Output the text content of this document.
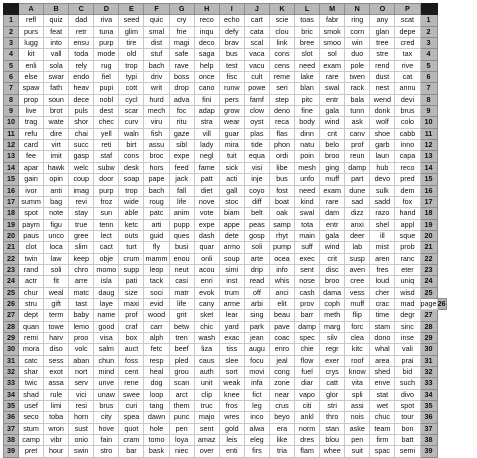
	A	B	C	D	E	F	G	H	I	J	K	L	M	N	O	P		
1	refl	quiz	dad	riva	seed	quic	cry	reco	echo	cart	scie	toas	fabr	ring	any	scat	1	
2	purs	feat	retr	tuna	glim	smal	frie	inqu	defy	cata	clou	bric	smok	corn	glan	depe	2	
3	lugg	into	ensu	purp	tire	dist	magi	deco	brav	scal	link	bree	smoo	win	tree	cred	3	
4	kit	vall	toda	mode	old	stuf	safe	saga	bus	vaca	cons	slot	sol	duo	stre	tax	4	
5	enli	sola	rely	rug	trop	bach	rave	help	test	vacu	cens	need	exam	pole	rend	rive	5	
6	else	swar	endo	fiel	typi	driv	boss	once	fisc	cult	reme	lake	rare	twen	dust	cat	6	
7	spaw	fath	heav	pupi	cott	writ	drop	cano	runw	powe	seri	blan	swal	rack	nest	annu	7	
8	prop	soun	dece	nobl	cycl	hurd	adva	fini	pers	famf	step	pitc	entr	bala	wend	devi	8	
9	live	brot	puls	dest	scar	mech	foc	adap	grow	clow	deno	fine	gala	tunn	donk	brus	9	
10	trag	wate	shor	chec	curv	viru	ritu	stra	wear	oyst	reca	body	wind	ask	wolf	colo	10	
11	refu	dire	chai	yell	waln	fish	gaze	vill	guar	plas	flas	dinn	crit	canv	shoe	cabb	11	
12	card	virt	succ	reti	birt	assu	sibl	lady	mira	tide	phon	natu	belo	prof	garb	inno	12	
13	fee	imit	gasp	staf	cons	broc	expe	negl	tuit	equa	ordi	poin	broo	reun	laun	capa	13	
14	apar	hawk	welc	subw	desk	hors	feed	fame	sick	visi	libe	mesh	ging	damp	hub	reco	14	
15	gain	opin	coup	door	soap	pape	jack	patt	acti	inje	bus	unfo	muff	part	devo	pred	15	
16	ivor	anti	imag	purp	trop	bach	fall	diet	gall	coyo	fost	need	exam	dune	sulk	dem	16	
17	summ	bag	revi	froz	wide	roug	life	nove	stoc	diff	boat	kind	rare	sad	sadd	fox	17	
18	spot	note	stay	sun	able	patc	anim	vote	biam	belt	oak	swal	dam	dizz	razo	hand	18	
19	paym	figu	true	tenn	ketc	arti	pupp	expe	appe	peas	samp	tota	entr	anxi	shel	appl	19	
20	paus	unco	gree	lect	outs	guid	ques	dash	dete	gosp	rhyt	main	gala	deer	ill	sque	20	
21	clot	loca	slim	cact	turt	fly	busi	quar	armo	soli	pump	suff	wind	lab	mist	prob	21	
22	twin	law	keep	obje	crum	mamm	enou	onli	soup	arte	ocea	exec	crit	susp	aren	ranc	22	
23	rand	soli	chro	momo	supp	leop	neut	acou	simi	drip	info	sent	disc	aven	fres	eter	23	
24	actr	fit	arre	isla	pati	tack	casi	enri	inst	read	whis	nose	broo	cree	loud	uniq	24	
25	chur	weal	matc	daug	size	soci	matr	evok	trum	off	anci	cash	dama	vess	cher	wisd	25	
26	stru	gift	tast	laye	maxi	evid	life	cany	arme	arbi	elit	prov	coph	muff	crac	mad	page	26
27	dept	term	baby	name	prof	wood	grit	sket	lear	sing	beau	barr	meth	flip	time	degr	27	
28	quan	towe	lemo	good	craf	carr	betw	chic	yard	park	pave	damp	marg	forc	stam	sinc	28	
29	remi	harv	proo	visa	box	alph	tren	wash	exac	jean	coac	spec	silv	clea	dono	inse	29	
30	mora	diso	volc	salm	auct	fetc	beef	liza	tiss	augu	enro	chie	regr	kitc	whal	vali	30	
31	catc	sess	aban	chun	foss	resp	pled	caus	slee	focu	jeal	flow	exer	roof	area	prai	31	
32	shar	exot	nort	mind	cent	heal	grou	auth	sort	movi	cong	fuel	crys	know	shed	bid	32	
33	twic	assa	serv	unve	rene	dog	scan	unit	weak	infa	zone	diar	catt	vita	enve	such	33	
34	shad	rule	vici	unaw	swee	loop	arct	clip	knee	fict	near	vapo	glor	spli	stat	divo	34	
35	usef	limi	resi	brus	curi	tang	them	truc	fros	leg	crus	citi	stri	assi	wet	spot	35	
36	seco	toba	horn	city	spea	dawn	punc	majo	wres	inco	beyo	ankl	thro	nois	chuc	tour	36	
37	stum	wron	sust	hove	quot	hole	pen	sent	gold	alwa	era	norm	stan	aske	team	bon	37	
38	camp	vibr	onio	fain	cram	tomo	loya	amaz	leis	eleg	like	dres	blou	pen	firm	batt	38	
39	pret	hour	swin	stro	bar	bask	niec	over	enti	firs	tria	flam	whee	suit	spac	semi	39	
